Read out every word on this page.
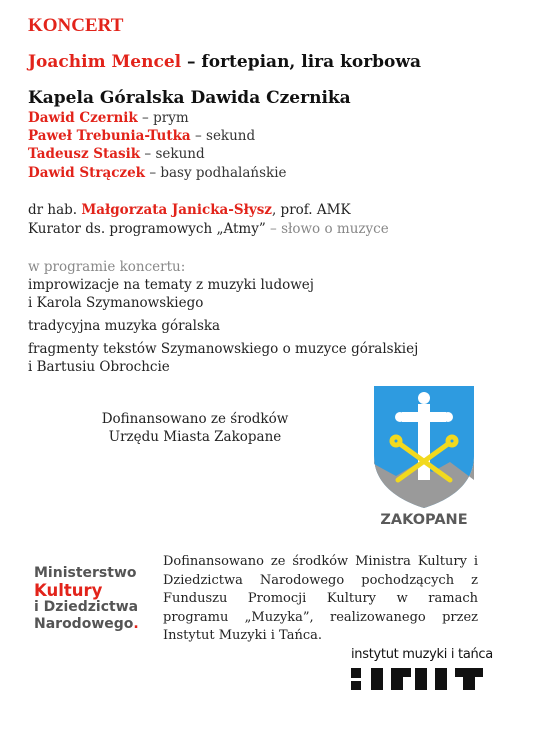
KONCERT
Joachim Mencel – fortepian, lira korbowa
Kapela Góralska Dawida Czernika
Dawid Czernik – prym
Paweł Trebunia-Tutka – sekund
Tadeusz Stasik – sekund
Dawid Strączek – basy podhalańskie
dr hab. Małgorzata Janicka-Słysz, prof. AMK
Kurator ds. programowych „Atmy” – słowo o muzyce
w programie koncertu:
improwizacje na tematy z muzyki ludowej
i Karola Szymanowskiego
tradycyjna muzyka góralska
fragmenty tekstów Szymanowskiego o muzyce góralskiej
i Bartusiu Obrochcie
Dofinansowano ze środków
Urzędu Miasta Zakopane
ZAKOPANE
Ministerstwo
Kultury
i Dziedzictwa
Narodowego.
Dofinansowano ze środków Ministra Kultury i Dziedzictwa Narodowego pochodzących z Funduszu Promocji Kultury w ramach programu „Muzyka”, realizowanego przez Instytut Muzyki i Tańca.
instytut muzyki i tańca
